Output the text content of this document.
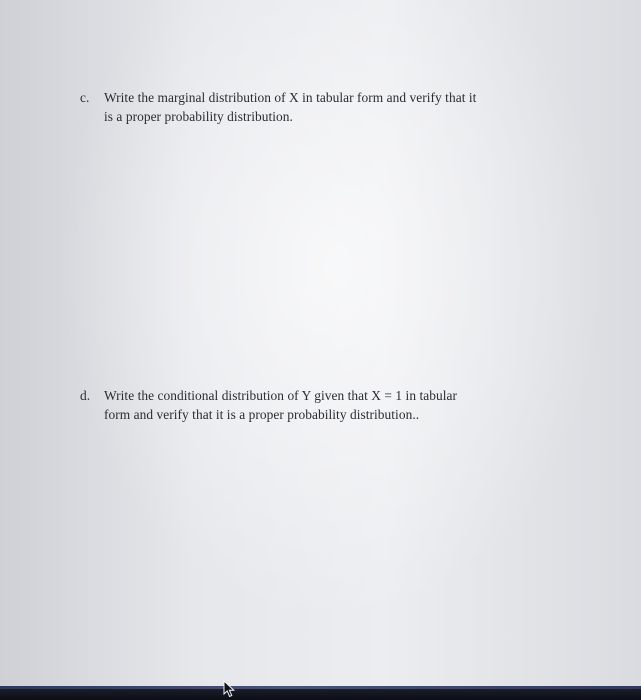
c.	Write the marginal distribution of X in tabular form and verify that it
is a proper probability distribution.
d.	Write the conditional distribution of Y given that X = 1 in tabular
form and verify that it is a proper probability distribution..
